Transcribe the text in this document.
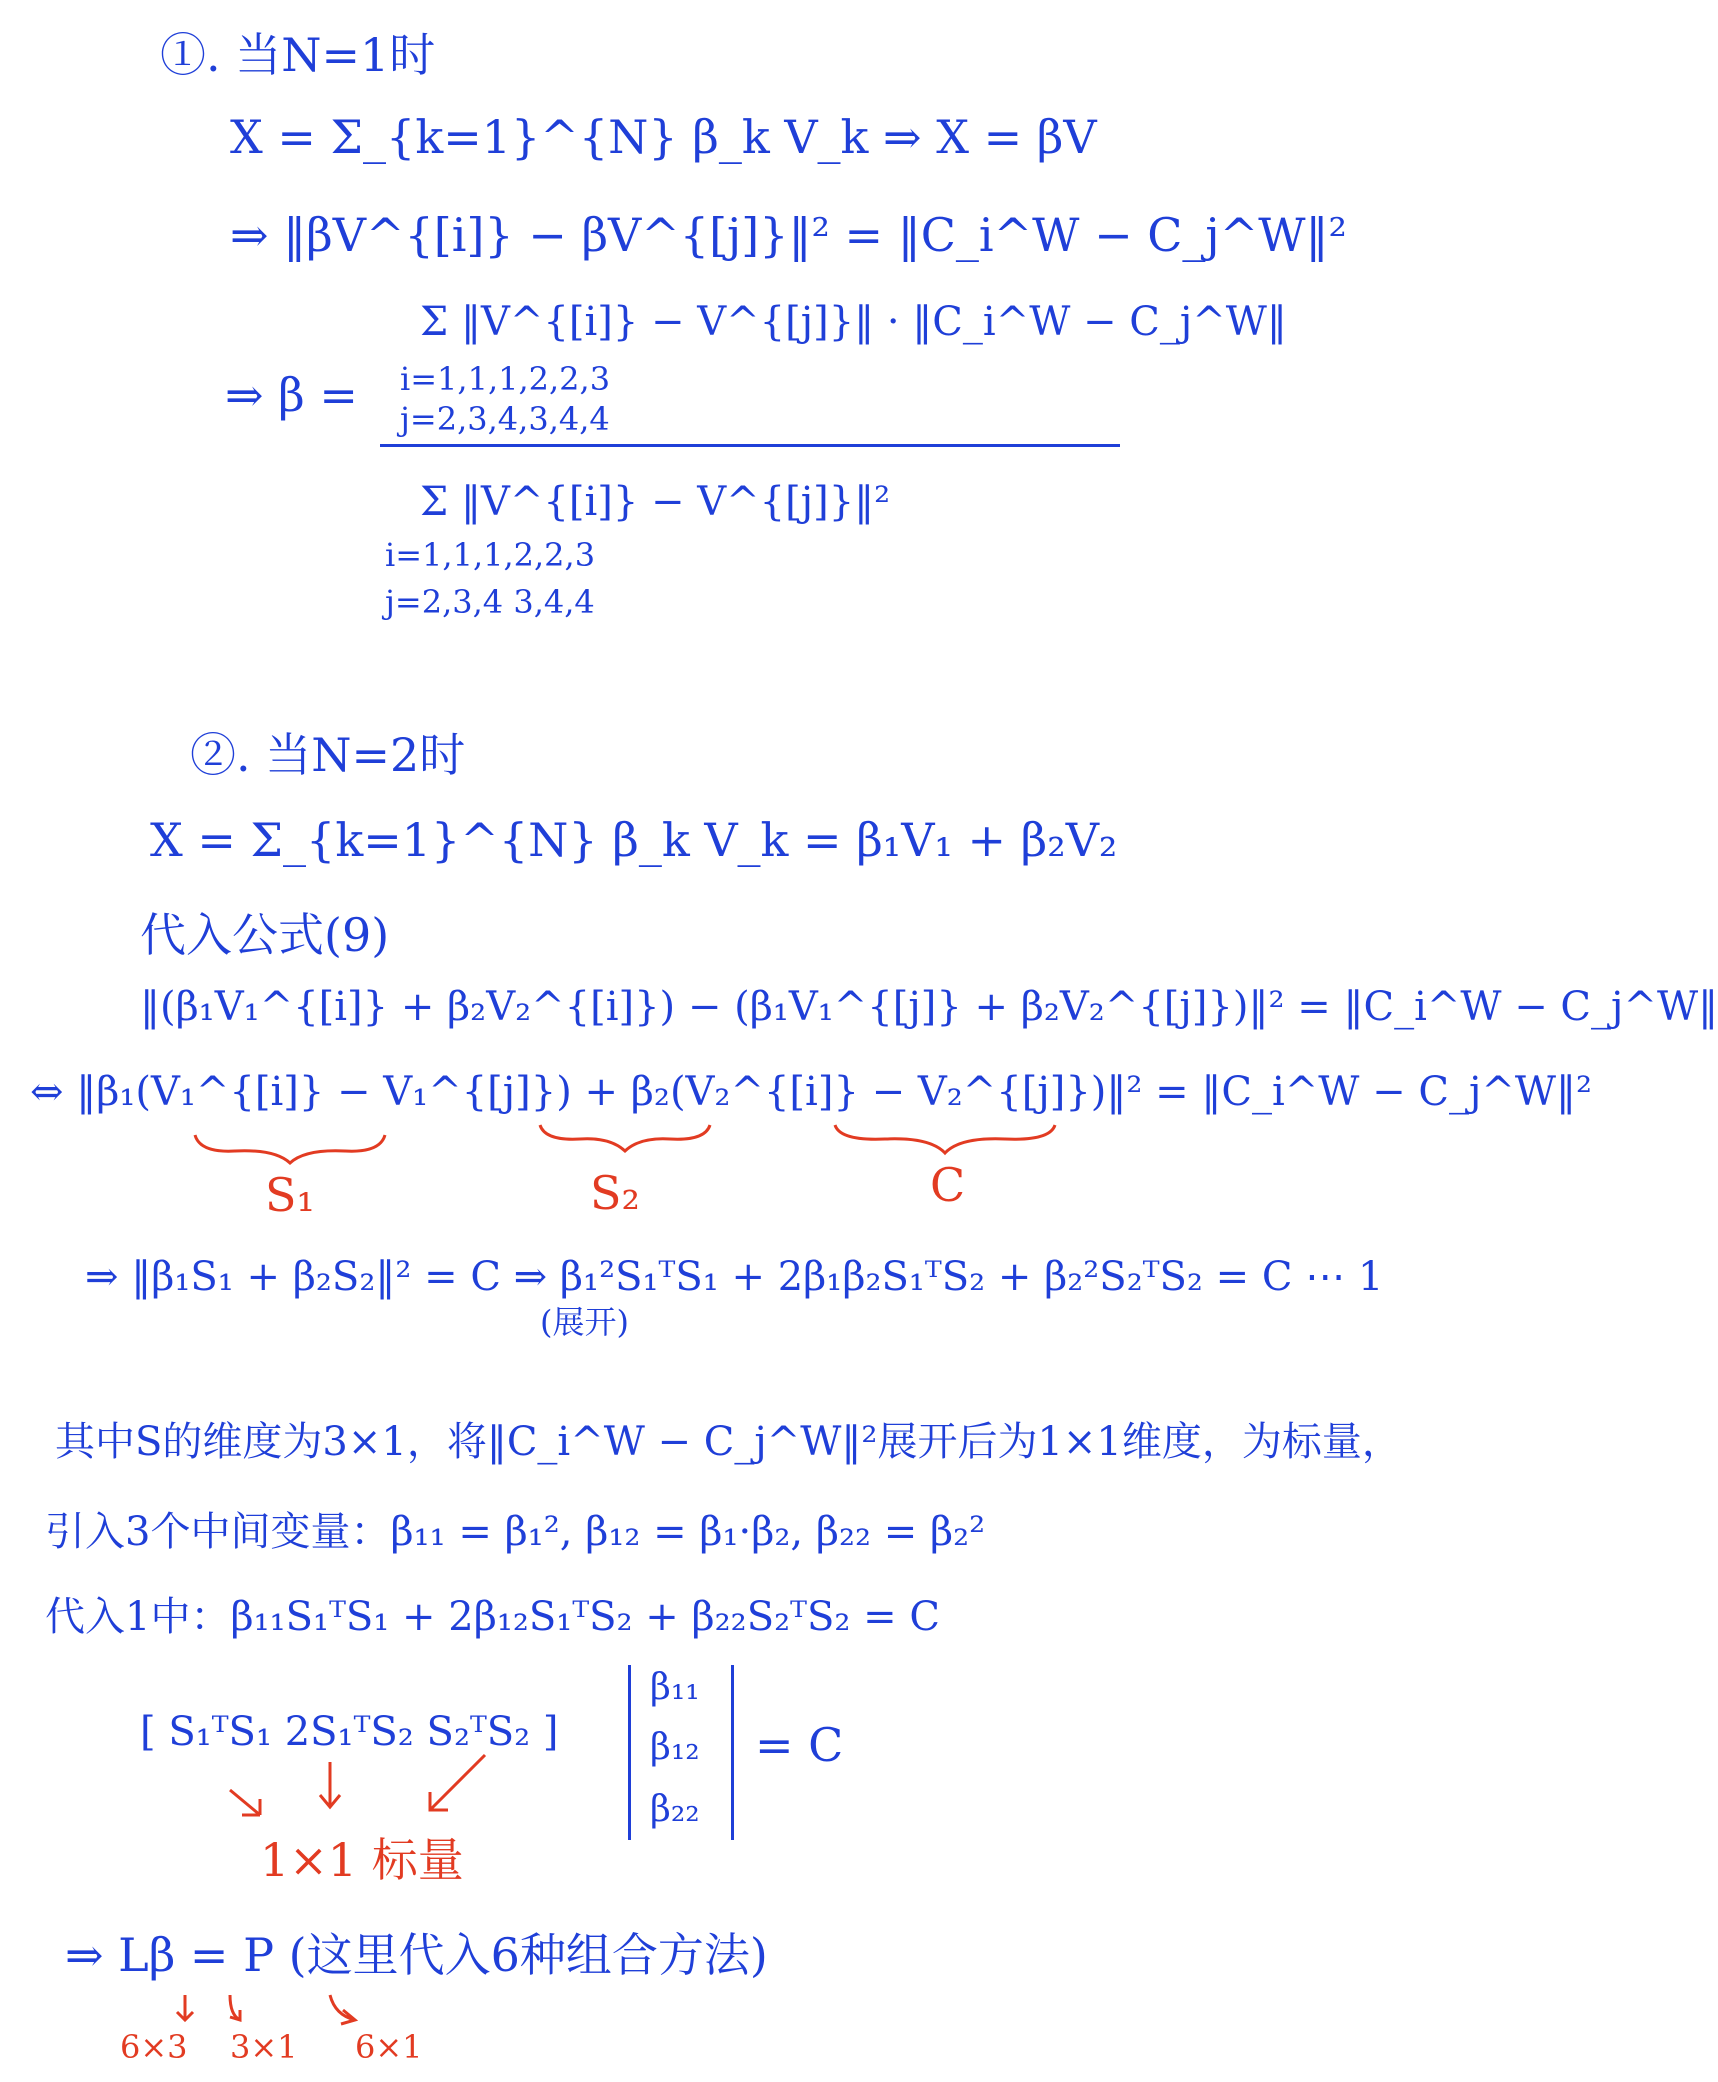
①. 当N=1时
X = Σ_{k=1}^{N} β_k V_k ⇒ X = βV
⇒ ‖βV^{[i]} − βV^{[j]}‖² = ‖C_i^W − C_j^W‖²
Σ ‖V^{[i]} − V^{[j]}‖ · ‖C_i^W − C_j^W‖
⇒ β = i=1,1,1,2,2,3
j=2,3,4,3,4,4
Σ ‖V^{[i]} − V^{[j]}‖²
i=1,1,1,2,2,3
j=2,3,4 3,4,4
②. 当N=2时
X = Σ_{k=1}^{N} β_k V_k = β₁V₁ + β₂V₂
代入公式(9)
‖(β₁V₁^{[i]} + β₂V₂^{[i]}) − (β₁V₁^{[j]} + β₂V₂^{[j]})‖² = ‖C_i^W − C_j^W‖
⇔ ‖β₁(V₁^{[i]} − V₁^{[j]}) + β₂(V₂^{[i]} − V₂^{[j]})‖² = ‖C_i^W − C_j^W‖²
S₁	S₂	C
⇒ ‖β₁S₁ + β₂S₂‖² = C ⇒ β₁²S₁ᵀS₁ + 2β₁β₂S₁ᵀS₂ + β₂²S₂ᵀS₂ = C ⋯ 1
(展开)
其中S的维度为3×1，将‖C_i^W − C_j^W‖²展开后为1×1维度，为标量，
引入3个中间变量：β₁₁ = β₁², β₁₂ = β₁·β₂, β₂₂ = β₂²
代入1中：β₁₁S₁ᵀS₁ + 2β₁₂S₁ᵀS₂ + β₂₂S₂ᵀS₂ = C
[ S₁ᵀS₁ 2S₁ᵀS₂ S₂ᵀS₂ ]
β₁₁
β₁₂
β₂₂
= C
1×1 标量
⇒ Lβ = P (这里代入6种组合方法)
6×3 3×1 6×1
